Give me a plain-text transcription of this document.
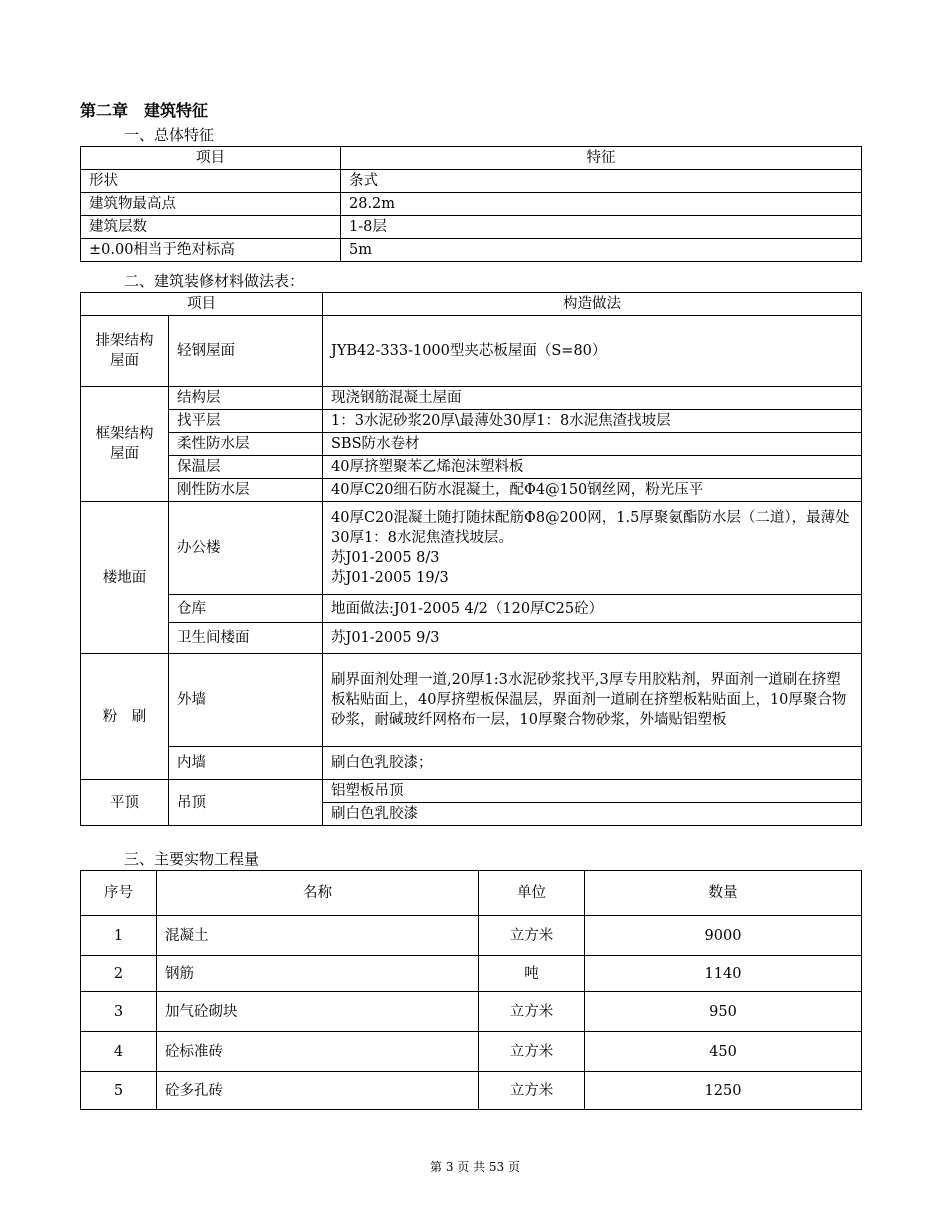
第二章　建筑特征
一、总体特征
项目	特征
形状	条式
建筑物最高点	28.2m
建筑层数	1-8层
±0.00相当于绝对标高	5m
二、建筑装修材料做法表：
项目		构造做法
排架结构屋面	轻钢屋面	JYB42-333-1000型夹芯板屋面（S=80）
框架结构屋面	结构层	现浇钢筋混凝土屋面
	找平层	1：3水泥砂浆20厚\最薄处30厚1：8水泥焦渣找坡层
	柔性防水层	SBS防水卷材
	保温层	40厚挤塑聚苯乙烯泡沫塑料板
	刚性防水层	40厚C20细石防水混凝土，配Φ4@150钢丝网，粉光压平
楼地面	办公楼	40厚C20混凝土随打随抹配筋Φ8@200网，1.5厚聚氨酯防水层（二道），最薄处30厚1：8水泥焦渣找坡层。
苏J01-2005 8/3
苏J01-2005 19/3

	仓库	地面做法:J01-2005 4/2（120厚C25砼）
	卫生间楼面	苏J01-2005 9/3
粉　刷	外墙	刷界面剂处理一道,20厚1:3水泥砂浆找平,3厚专用胶粘剂，界面剂一道刷在挤塑板粘贴面上，40厚挤塑板保温层，界面剂一道刷在挤塑板粘贴面上，10厚聚合物砂浆，耐碱玻纤网格布一层，10厚聚合物砂浆，外墙贴铝塑板
	内墙	刷白色乳胶漆；
平顶	吊顶	铝塑板吊顶
		刷白色乳胶漆
三、主要实物工程量
序号	名称	单位	数量
1	混凝土	立方米	9000
2	钢筋	吨	1140
3	加气砼砌块	立方米	950
4	砼标准砖	立方米	450
5	砼多孔砖	立方米	1250
第 3 页 共 53 页
